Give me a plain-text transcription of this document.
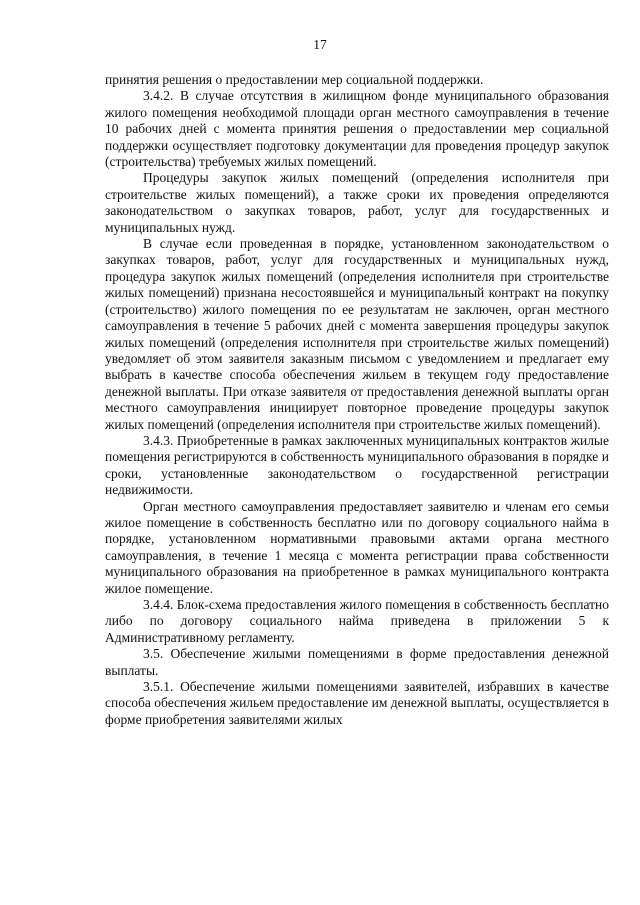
17

принятия решения о предоставлении мер социальной поддержки.

3.4.2. В случае отсутствия в жилищном фонде муниципального образования жилого помещения необходимой площади орган местного самоуправления в течение 10 рабочих дней с момента принятия решения о предоставлении мер социальной поддержки осуществляет подготовку документации для проведения процедур закупок (строительства) требуемых жилых помещений.

Процедуры закупок жилых помещений (определения исполнителя при строительстве жилых помещений), а также сроки их проведения определяются законодательством о закупках товаров, работ, услуг для государственных и муниципальных нужд.

В случае если проведенная в порядке, установленном законодательством о закупках товаров, работ, услуг для государственных и муниципальных нужд, процедура закупок жилых помещений (определения исполнителя при строительстве жилых помещений) признана несостоявшейся и муниципальный контракт на покупку (строительство) жилого помещения по ее результатам не заключен, орган местного самоуправления в течение 5 рабочих дней с момента завершения процедуры закупок жилых помещений (определения исполнителя при строительстве жилых помещений) уведомляет об этом заявителя заказным письмом с уведомлением и предлагает ему выбрать в качестве способа обеспечения жильем в текущем году предоставление денежной выплаты. При отказе заявителя от предоставления денежной выплаты орган местного самоуправления инициирует повторное проведение процедуры закупок жилых помещений (определения исполнителя при строительстве жилых помещений).

3.4.3. Приобретенные в рамках заключенных муниципальных контрактов жилые помещения регистрируются в собственность муниципального образования в порядке и сроки, установленные законодательством о государственной регистрации недвижимости.

Орган местного самоуправления предоставляет заявителю и членам его семьи жилое помещение в собственность бесплатно или по договору социального найма в порядке, установленном нормативными правовыми актами органа местного самоуправления, в течение 1 месяца с момента регистрации права собственности муниципального образования на приобретенное в рамках муниципального контракта жилое помещение.

3.4.4. Блок-схема предоставления жилого помещения в собственность бесплатно либо по договору социального найма приведена в приложении 5 к Административному регламенту.

3.5. Обеспечение жилыми помещениями в форме предоставления денежной выплаты.

3.5.1. Обеспечение жилыми помещениями заявителей, избравших в качестве способа обеспечения жильем предоставление им денежной выплаты, осуществляется в форме приобретения заявителями жилых
